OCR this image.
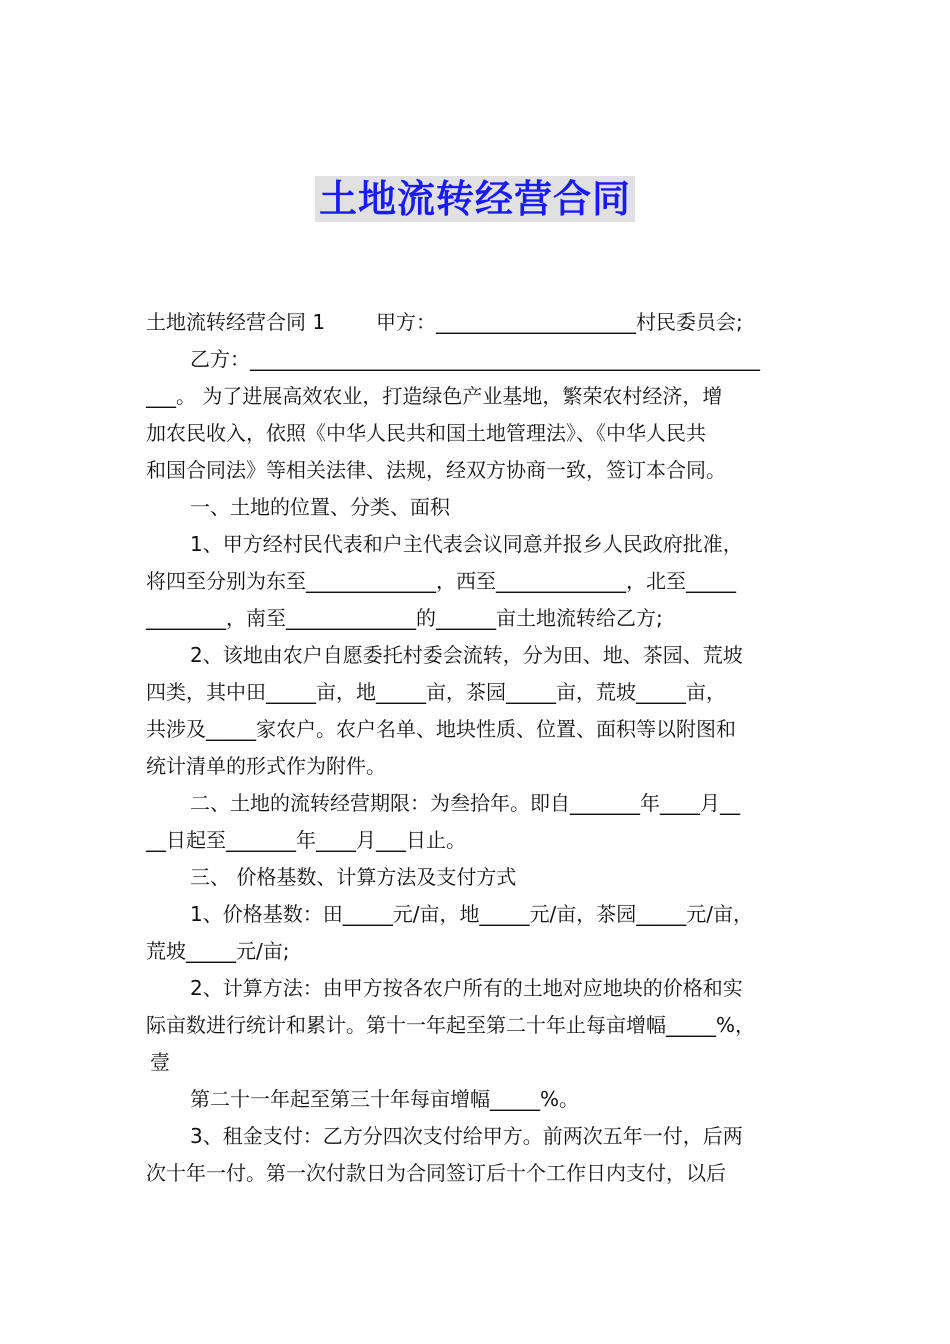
土地流转经营合同
土地流转经营合同 1        甲方：____________________村民委员会;
乙方：___________________________________________________
___。 为了进展高效农业，打造绿色产业基地，繁荣农村经济，增
加农民收入，依照《中华人民共和国土地管理法》、《中华人民共
和国合同法》等相关法律、法规，经双方协商一致，签订本合同。
一、土地的位置、分类、面积
1、甲方经村民代表和户主代表会议同意并报乡人民政府批准，
将四至分别为东至_____________，西至_____________，北至_____
________，南至_____________的______亩土地流转给乙方;
2、该地由农户自愿委托村委会流转，分为田、地、茶园、荒坡
四类，其中田_____亩，地_____亩，茶园_____亩，荒坡_____亩，
共涉及_____家农户。农户名单、地块性质、位置、面积等以附图和
统计清单的形式作为附件。
二、土地的流转经营期限：为叁拾年。即自_______年____月__
__日起至_______年____月___日止。
三、 价格基数、计算方法及支付方式
1、价格基数：田_____元/亩，地_____元/亩，茶园_____元/亩，
荒坡_____元/亩;
2、计算方法：由甲方按各农户所有的土地对应地块的价格和实
际亩数进行统计和累计。第十一年起至第二十年止每亩增幅_____%，
壹
第二十一年起至第三十年每亩增幅_____%。
3、租金支付：乙方分四次支付给甲方。前两次五年一付，后两
次十年一付。第一次付款日为合同签订后十个工作日内支付，以后
